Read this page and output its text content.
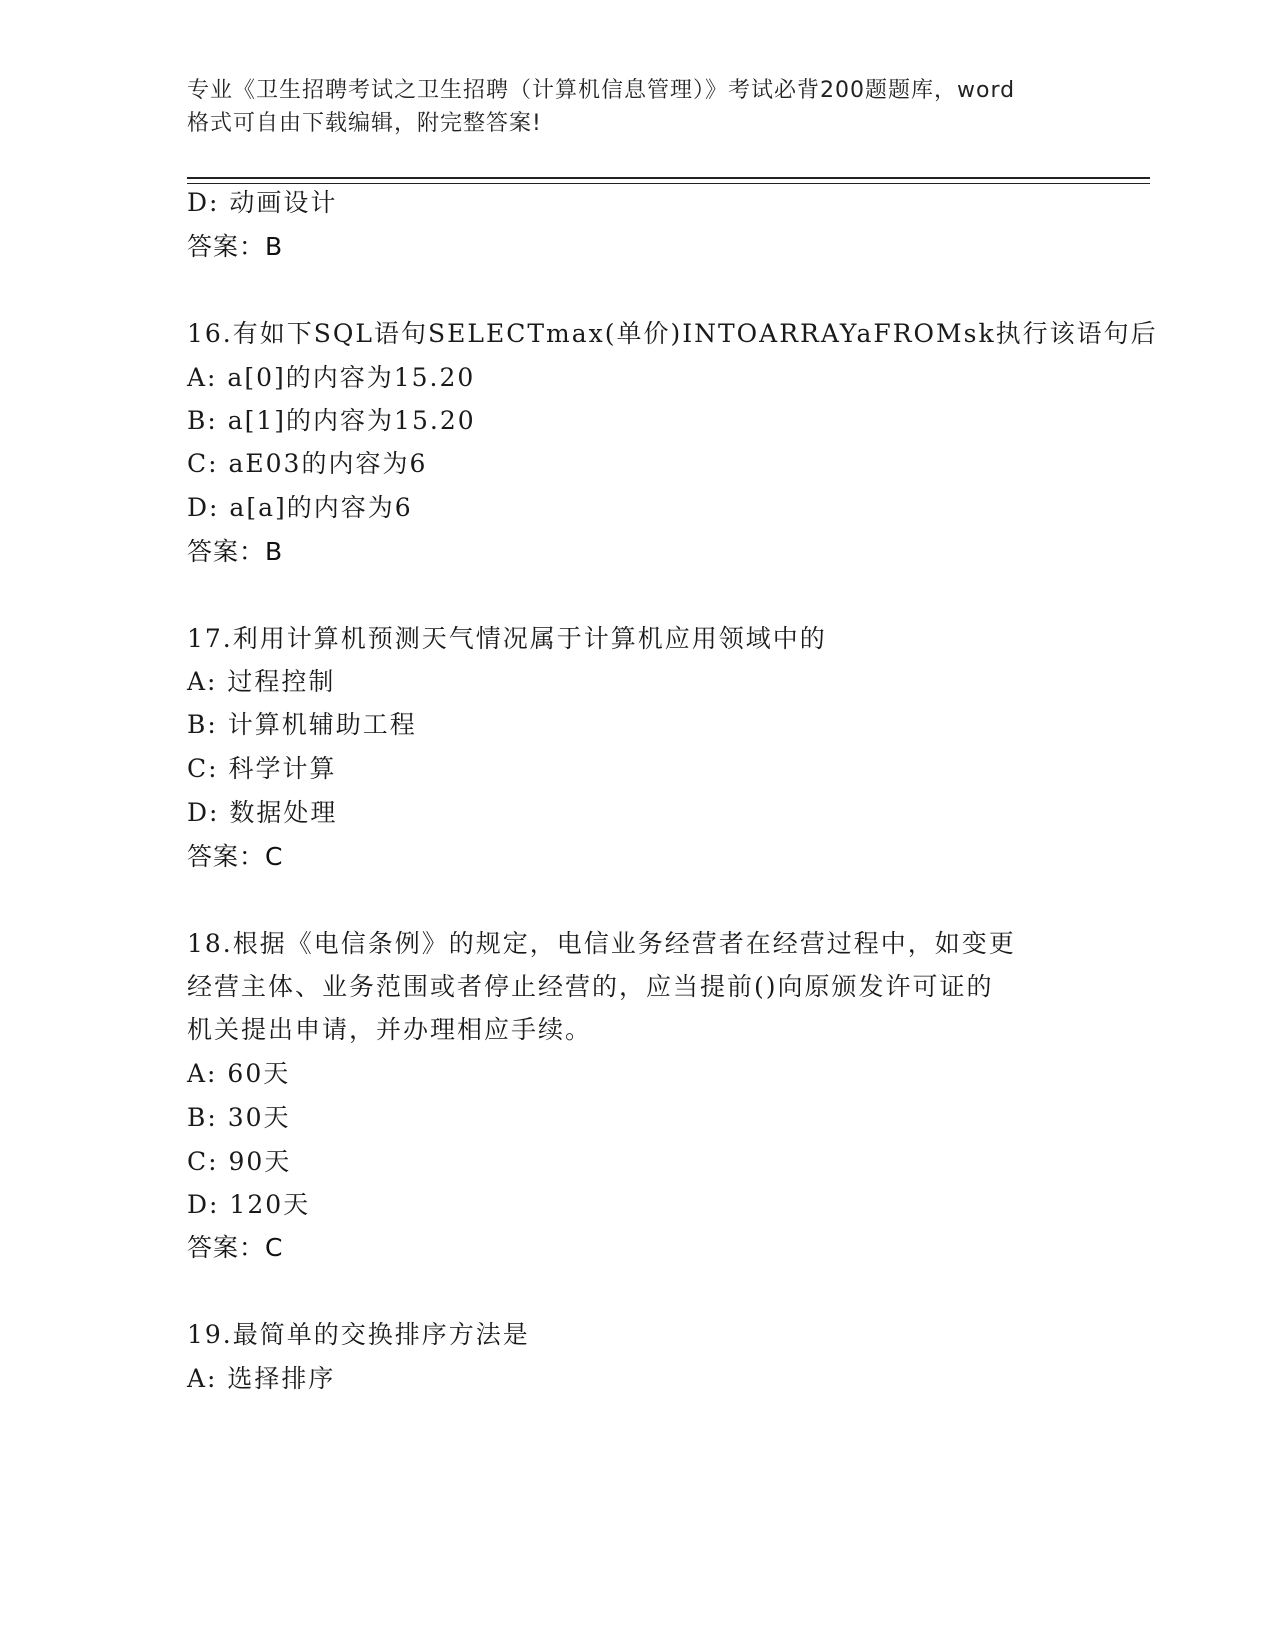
专业《卫生招聘考试之卫生招聘（计算机信息管理）》考试必背200题题库，word
格式可自由下载编辑，附完整答案!
D: 动画设计
答案：B
16.有如下SQL语句SELECTmax(单价)INTOARRAYaFROMsk执行该语句后
A: a[0]的内容为15.20
B: a[1]的内容为15.20
C: aE03的内容为6
D: a[a]的内容为6
答案：B
17.利用计算机预测天气情况属于计算机应用领域中的
A: 过程控制
B: 计算机辅助工程
C: 科学计算
D: 数据处理
答案：C
18.根据《电信条例》的规定，电信业务经营者在经营过程中，如变更
经营主体、业务范围或者停止经营的，应当提前()向原颁发许可证的
机关提出申请，并办理相应手续。
A: 60天
B: 30天
C: 90天
D: 120天
答案：C
19.最简单的交换排序方法是
A: 选择排序
